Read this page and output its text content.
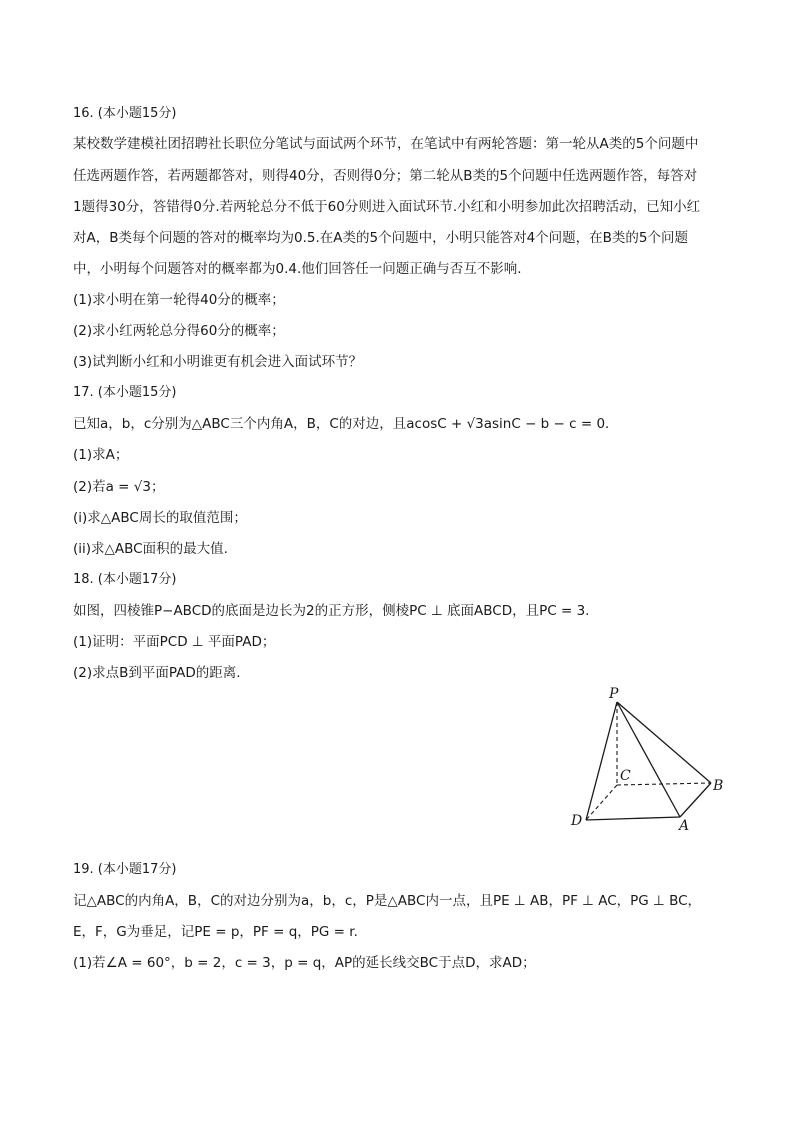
16. (本小题15分)
某校数学建模社团招聘社长职位分笔试与面试两个环节，在笔试中有两轮答题：第一轮从A类的5个问题中
任选两题作答，若两题都答对，则得40分，否则得0分；第二轮从B类的5个问题中任选两题作答，每答对
1题得30分，答错得0分.若两轮总分不低于60分则进入面试环节.小红和小明参加此次招聘活动，已知小红
对A，B类每个问题的答对的概率均为0.5.在A类的5个问题中，小明只能答对4个问题，在B类的5个问题
中，小明每个问题答对的概率都为0.4.他们回答任一问题正确与否互不影响.
(1)求小明在第一轮得40分的概率；
(2)求小红两轮总分得60分的概率；
(3)试判断小红和小明谁更有机会进入面试环节？
17. (本小题15分)
已知a，b，c分别为△ABC三个内角A，B，C的对边，且acosC + √3asinC − b − c = 0.
(1)求A；
(2)若a = √3；
(i)求△ABC周长的取值范围；
(ii)求△ABC面积的最大值.
18. (本小题17分)
如图，四棱锥P−ABCD的底面是边长为2的正方形，侧棱PC ⊥ 底面ABCD，且PC = 3.
(1)证明：平面PCD ⊥ 平面PAD；
(2)求点B到平面PAD的距离.
P
C
B
D	A
19. (本小题17分)
记△ABC的内角A，B，C的对边分别为a，b，c，P是△ABC内一点，且PE ⊥ AB，PF ⊥ AC，PG ⊥ BC，
E，F，G为垂足，记PE = p，PF = q，PG = r.
(1)若∠A = 60°，b = 2，c = 3，p = q，AP的延长线交BC于点D，求AD；
